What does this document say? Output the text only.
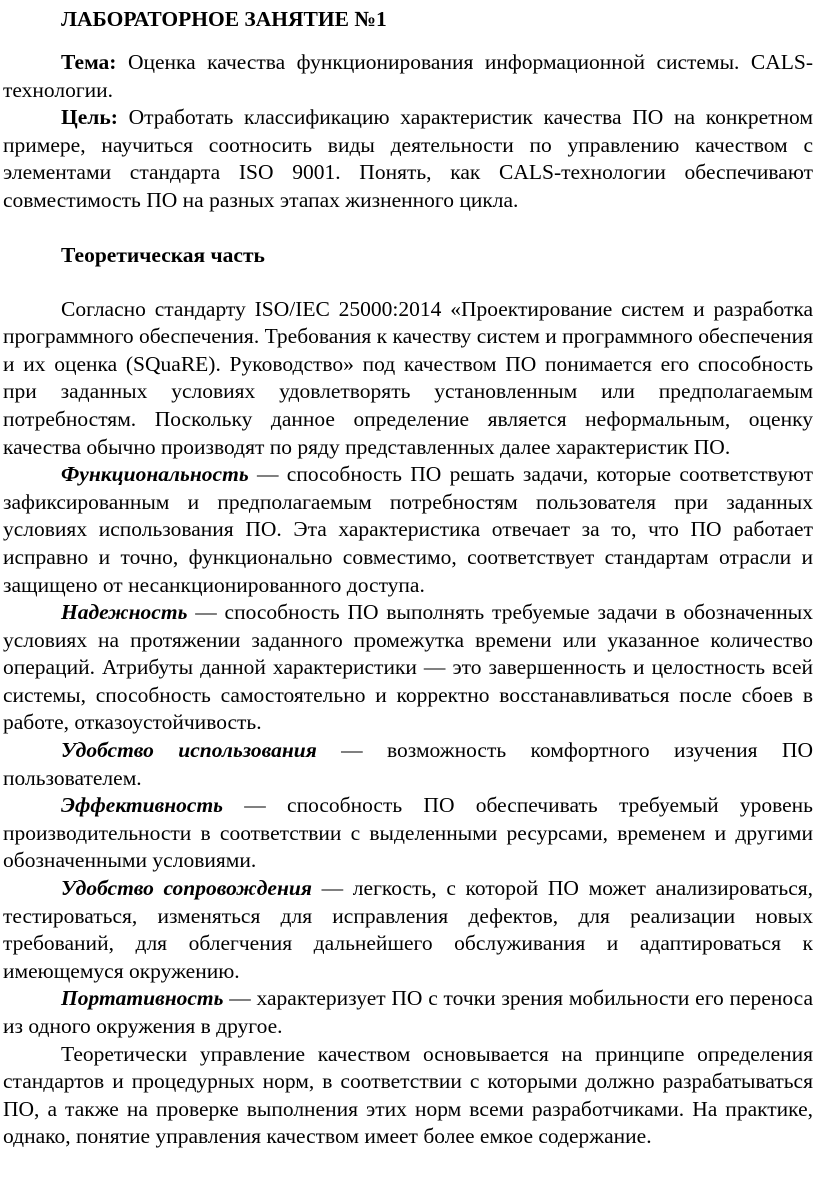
ЛАБОРАТОРНОЕ ЗАНЯТИЕ №1

Тема: Оценка качества функционирования информационной системы. CALS-технологии.

Цель: Отработать классификацию характеристик качества ПО на конкретном примере, научиться соотносить виды деятельности по управлению качеством с элементами стандарта ISO 9001. Понять, как CALS-технологии обеспечивают совместимость ПО на разных этапах жизненного цикла.

Теоретическая часть

Согласно стандарту ISO/IEC 25000:2014 «Проектирование систем и разработка программного обеспечения. Требования к качеству систем и программного обеспечения и их оценка (SQuaRE). Руководство» под качеством ПО понимается его способность при заданных условиях удовлетворять установленным или предполагаемым потребностям. Поскольку данное определение является неформальным, оценку качества обычно производят по ряду представленных далее характеристик ПО.

Функциональность — способность ПО решать задачи, которые соответствуют зафиксированным и предполагаемым потребностям пользователя при заданных условиях использования ПО. Эта характеристика отвечает за то, что ПО работает исправно и точно, функционально совместимо, соответствует стандартам отрасли и защищено от несанкционированного доступа.

Надежность — способность ПО выполнять требуемые задачи в обозначенных условиях на протяжении заданного промежутка времени или указанное количество операций. Атрибуты данной характеристики — это завершенность и целостность всей системы, способность самостоятельно и корректно восстанавливаться после сбоев в работе, отказоустойчивость.

Удобство использования — возможность комфортного изучения ПО пользователем.

Эффективность — способность ПО обеспечивать требуемый уровень производительности в соответствии с выделенными ресурсами, временем и другими обозначенными условиями.

Удобство сопровождения — легкость, с которой ПО может анализироваться, тестироваться, изменяться для исправления дефектов, для реализации новых требований, для облегчения дальнейшего обслуживания и адаптироваться к имеющемуся окружению.

Портативность — характеризует ПО с точки зрения мобильности его переноса из одного окружения в другое.

Теоретически управление качеством основывается на принципе определения стандартов и процедурных норм, в соответствии с которыми должно разрабатываться ПО, а также на проверке выполнения этих норм всеми разработчиками. На практике, однако, понятие управления качеством имеет более емкое содержание.
